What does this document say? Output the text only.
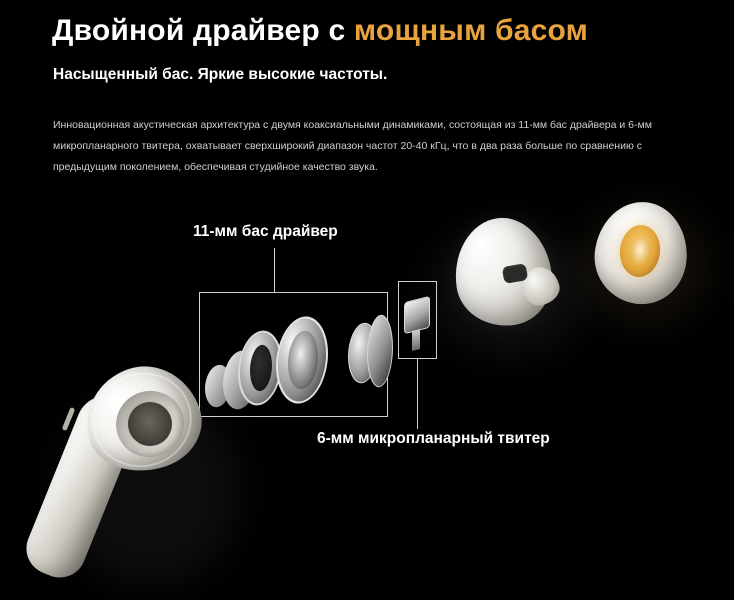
Двойной драйвер с мощным басом
Насыщенный бас. Яркие высокие частоты.

Инновационная акустическая архитектура с двумя коаксиальными динамиками, состоящая из 11-мм бас драйвера и 6-мм микропланарного твитера, охватывает сверхширокий диапазон частот 20-40 кГц, что в два раза больше по сравнению с предыдущим поколением, обеспечивая студийное качество звука.

11-мм бас драйвер
6-мм микропланарный твитер
